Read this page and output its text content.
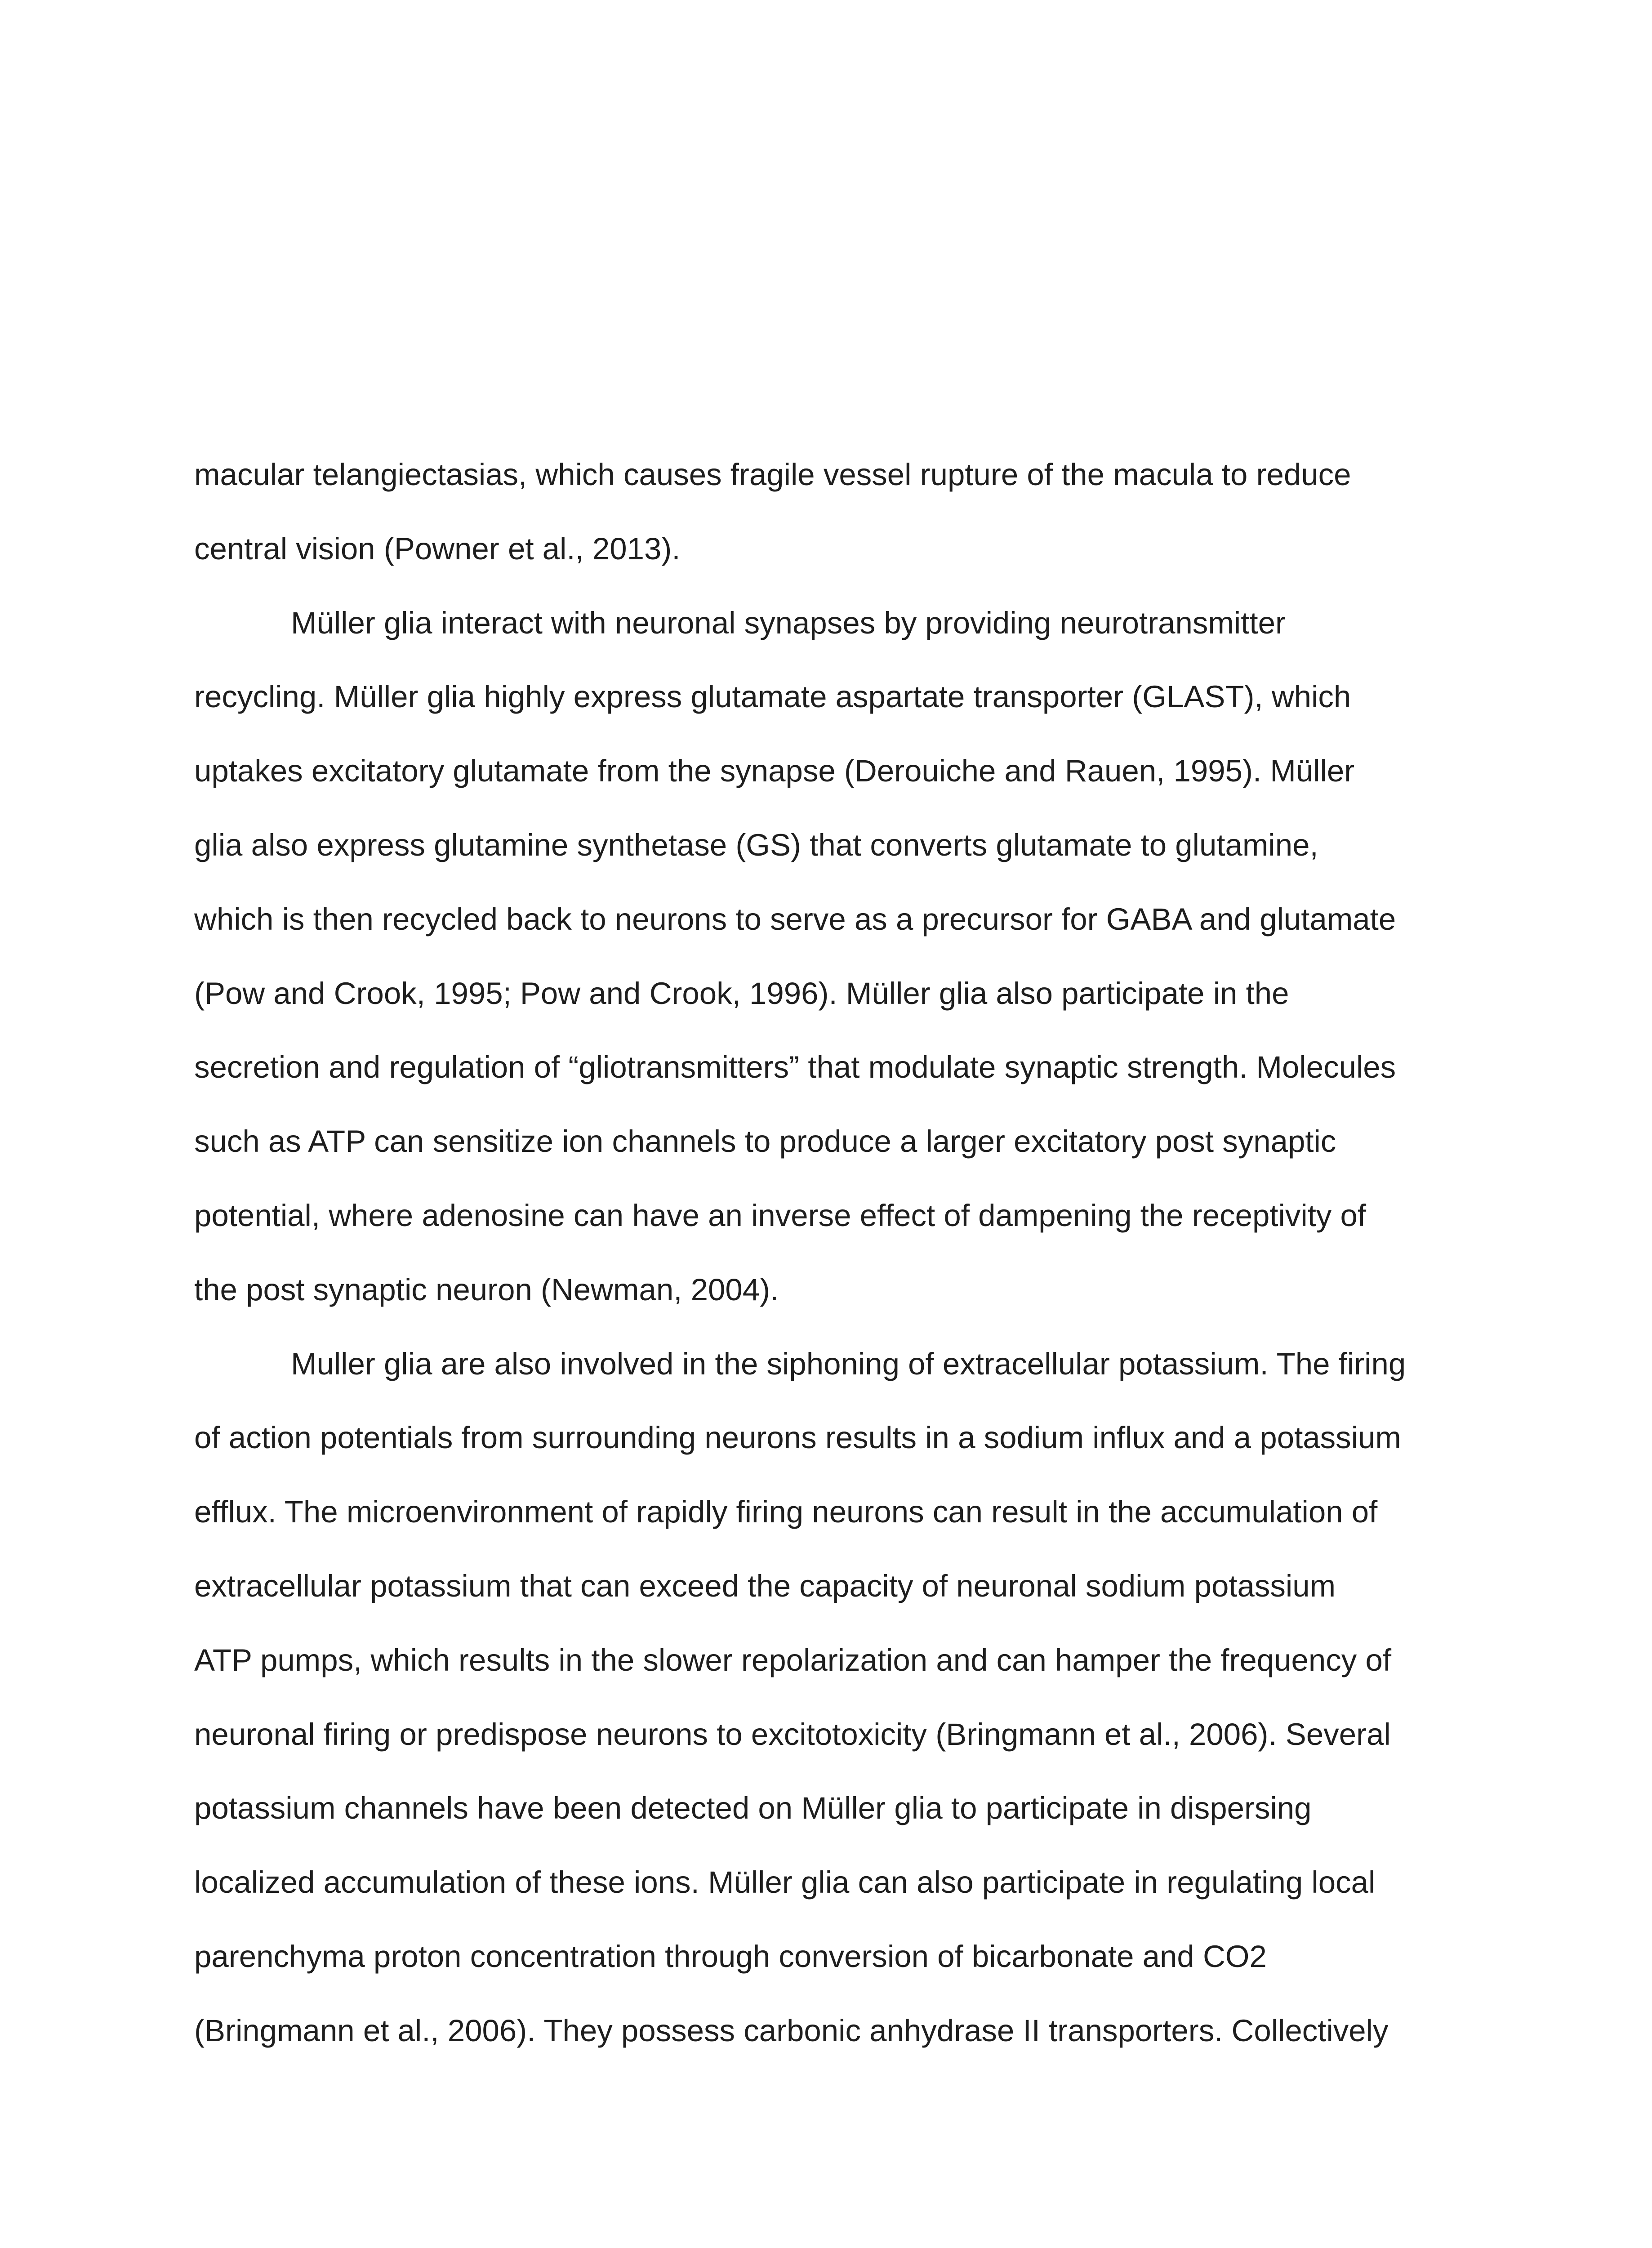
macular telangiectasias, which causes fragile vessel rupture of the macula to reduce

central vision (Powner et al., 2013).

Müller glia interact with neuronal synapses by providing neurotransmitter

recycling. Müller glia highly express glutamate aspartate transporter (GLAST), which

uptakes excitatory glutamate from the synapse (Derouiche and Rauen, 1995). Müller

glia also express glutamine synthetase (GS) that converts glutamate to glutamine,

which is then recycled back to neurons to serve as a precursor for GABA and glutamate

(Pow and Crook, 1995; Pow and Crook, 1996). Müller glia also participate in the

secretion and regulation of “gliotransmitters” that modulate synaptic strength. Molecules

such as ATP can sensitize ion channels to produce a larger excitatory post synaptic

potential, where adenosine can have an inverse effect of dampening the receptivity of

the post synaptic neuron (Newman, 2004).

Muller glia are also involved in the siphoning of extracellular potassium. The firing

of action potentials from surrounding neurons results in a sodium influx and a potassium

efflux. The microenvironment of rapidly firing neurons can result in the accumulation of

extracellular potassium that can exceed the capacity of neuronal sodium potassium

ATP pumps, which results in the slower repolarization and can hamper the frequency of

neuronal firing or predispose neurons to excitotoxicity (Bringmann et al., 2006). Several

potassium channels have been detected on Müller glia to participate in dispersing

localized accumulation of these ions. Müller glia can also participate in regulating local

parenchyma proton concentration through conversion of bicarbonate and CO2

(Bringmann et al., 2006). They possess carbonic anhydrase II transporters. Collectively
